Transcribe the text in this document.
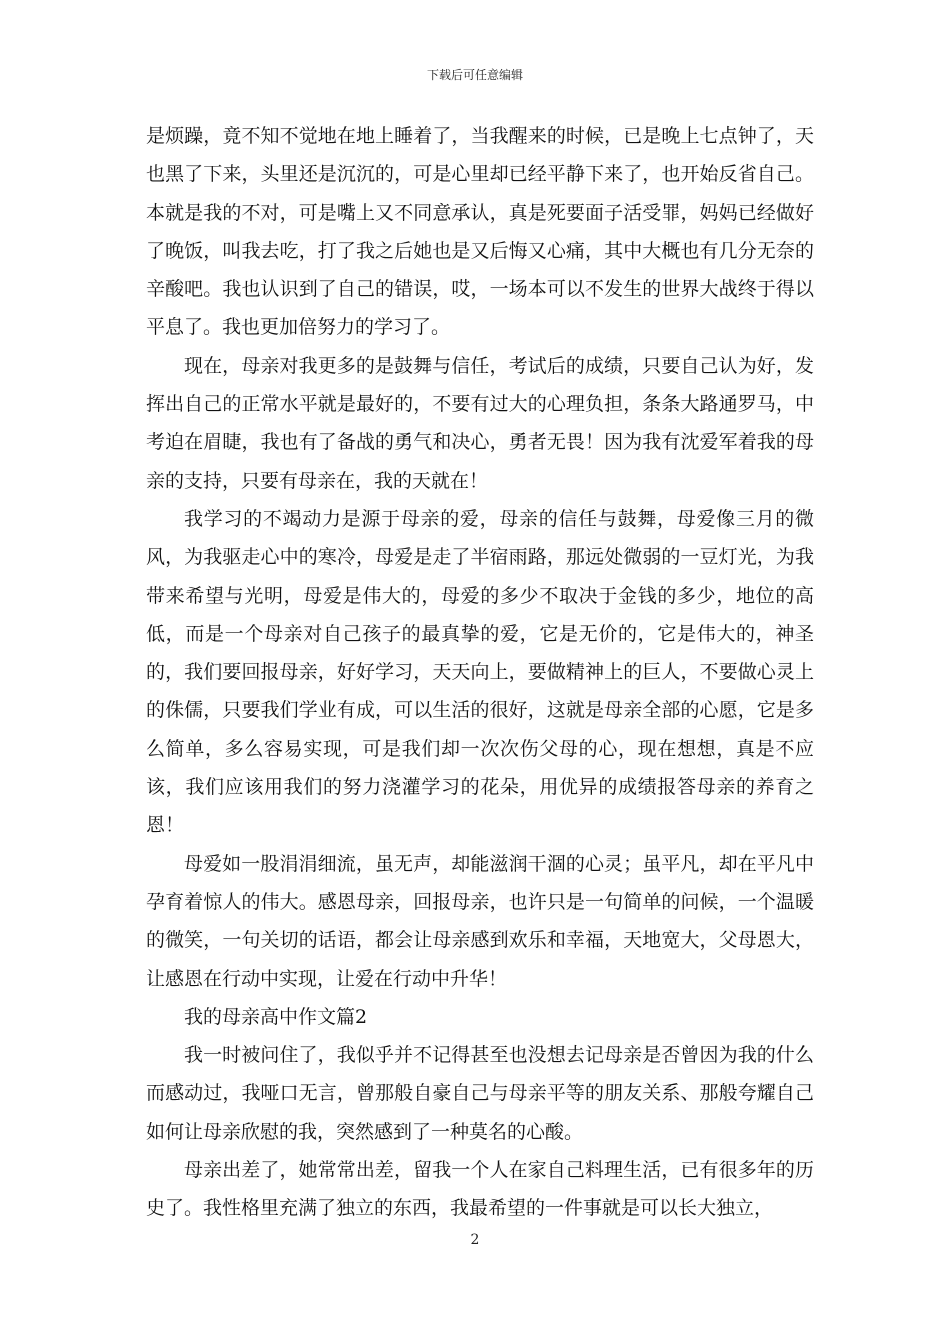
下载后可任意编辑

是烦躁，竟不知不觉地在地上睡着了，当我醒来的时候，已是晚上七点钟了，天也黑了下来，头里还是沉沉的，可是心里却已经平静下来了，也开始反省自己。本就是我的不对，可是嘴上又不同意承认，真是死要面子活受罪，妈妈已经做好了晚饭，叫我去吃，打了我之后她也是又后悔又心痛，其中大概也有几分无奈的辛酸吧。我也认识到了自己的错误，哎，一场本可以不发生的世界大战终于得以平息了。我也更加倍努力的学习了。

现在，母亲对我更多的是鼓舞与信任，考试后的成绩，只要自己认为好，发挥出自己的正常水平就是最好的，不要有过大的心理负担，条条大路通罗马，中考迫在眉睫，我也有了备战的勇气和决心，勇者无畏！因为我有沈爱军着我的母亲的支持，只要有母亲在，我的天就在！

我学习的不竭动力是源于母亲的爱，母亲的信任与鼓舞，母爱像三月的微风，为我驱走心中的寒冷，母爱是走了半宿雨路，那远处微弱的一豆灯光，为我带来希望与光明，母爱是伟大的，母爱的多少不取决于金钱的多少，地位的高低，而是一个母亲对自己孩子的最真挚的爱，它是无价的，它是伟大的，神圣的，我们要回报母亲，好好学习，天天向上，要做精神上的巨人，不要做心灵上的侏儒，只要我们学业有成，可以生活的很好，这就是母亲全部的心愿，它是多么简单，多么容易实现，可是我们却一次次伤父母的心，现在想想，真是不应该，我们应该用我们的努力浇灌学习的花朵，用优异的成绩报答母亲的养育之恩！

母爱如一股涓涓细流，虽无声，却能滋润干涸的心灵；虽平凡，却在平凡中孕育着惊人的伟大。感恩母亲，回报母亲，也许只是一句简单的问候，一个温暖的微笑，一句关切的话语，都会让母亲感到欢乐和幸福，天地宽大，父母恩大，让感恩在行动中实现，让爱在行动中升华！

我的母亲高中作文篇2

我一时被问住了，我似乎并不记得甚至也没想去记母亲是否曾因为我的什么而感动过，我哑口无言，曾那般自豪自己与母亲平等的朋友关系、那般夸耀自己如何让母亲欣慰的我，突然感到了一种莫名的心酸。

母亲出差了，她常常出差，留我一个人在家自己料理生活，已有很多年的历史了。我性格里充满了独立的东西，我最希望的一件事就是可以长大独立，

2
